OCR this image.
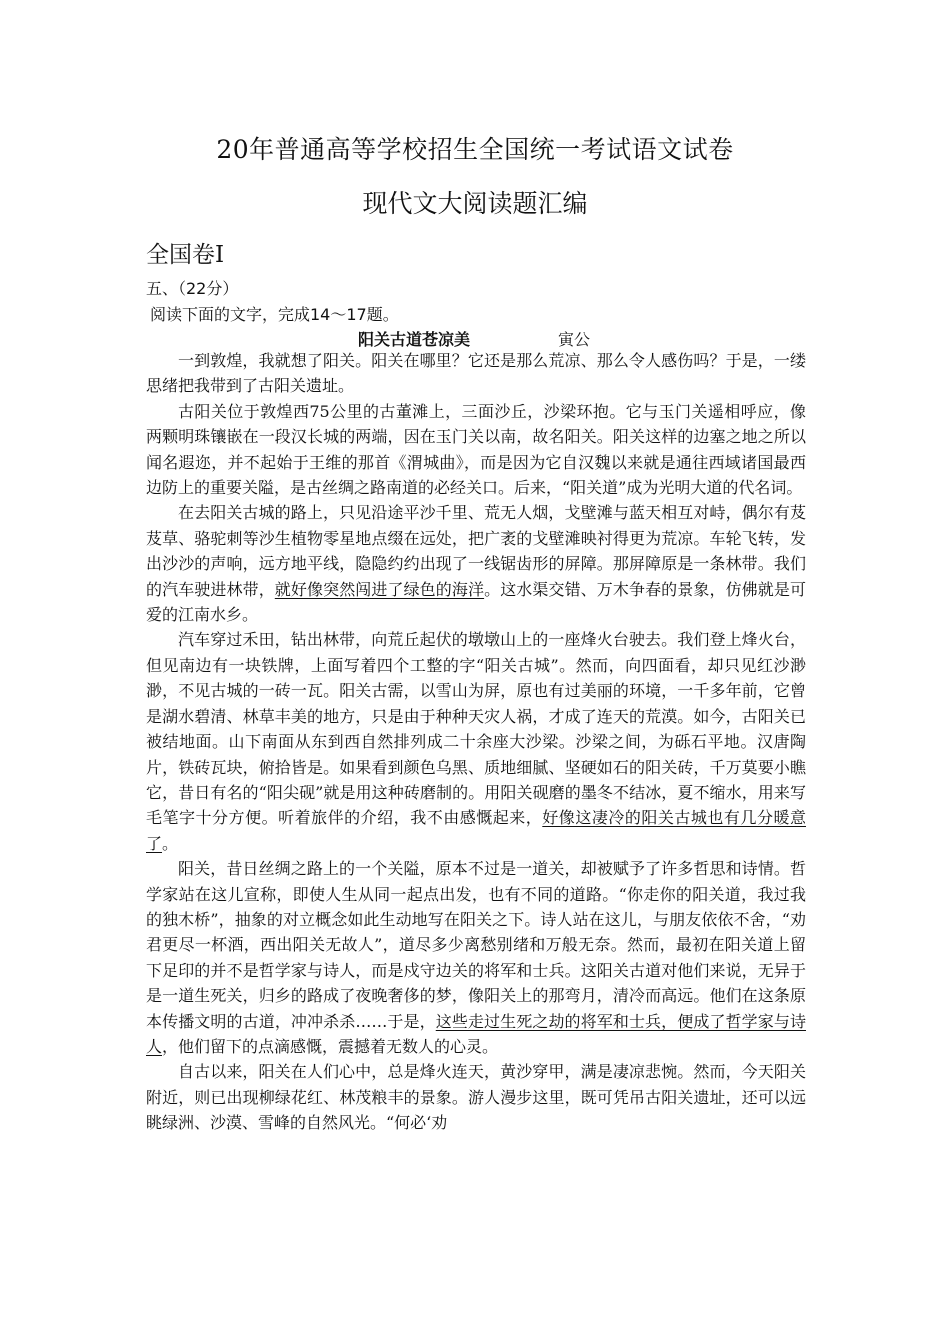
20年普通高等学校招生全国统一考试语文试卷
现代文大阅读题汇编
全国卷Ⅰ
五、（22分）
阅读下面的文字，完成14～17题。
阳关古道苍凉美	寅公

一到敦煌，我就想了阳关。阳关在哪里？它还是那么荒凉、那么令人感伤吗？于是，一缕思绪把我带到了古阳关遗址。

古阳关位于敦煌西75公里的古董滩上，三面沙丘，沙梁环抱。它与玉门关遥相呼应，像两颗明珠镶嵌在一段汉长城的两端，因在玉门关以南，故名阳关。阳关这样的边塞之地之所以闻名遐迩，并不起始于王维的那首《渭城曲》，而是因为它自汉魏以来就是通往西域诸国最西边防上的重要关隘，是古丝绸之路南道的必经关口。后来，“阳关道”成为光明大道的代名词。

在去阳关古城的路上，只见沿途平沙千里、荒无人烟，戈壁滩与蓝天相互对峙，偶尔有芨芨草、骆驼刺等沙生植物零星地点缀在远处，把广袤的戈壁滩映衬得更为荒凉。车轮飞转，发出沙沙的声响，远方地平线，隐隐约约出现了一线锯齿形的屏障。那屏障原是一条林带。我们的汽车驶进林带，就好像突然闯进了绿色的海洋。这水渠交错、万木争春的景象，仿佛就是可爱的江南水乡。

汽车穿过禾田，钻出林带，向荒丘起伏的墩墩山上的一座烽火台驶去。我们登上烽火台，但见南边有一块铁牌，上面写着四个工整的字“阳关古城”。然而，向四面看，却只见红沙渺渺，不见古城的一砖一瓦。阳关古需，以雪山为屏，原也有过美丽的环境，一千多年前，它曾是湖水碧清、林草丰美的地方，只是由于种种天灾人祸，才成了连天的荒漠。如今，古阳关已被结地面。山下南面从东到西自然排列成二十余座大沙梁。沙梁之间，为砾石平地。汉唐陶片，铁砖瓦块，俯拾皆是。如果看到颜色乌黑、质地细腻、坚硬如石的阳关砖，千万莫要小瞧它，昔日有名的“阳尖砚”就是用这种砖磨制的。用阳关砚磨的墨冬不结冰，夏不缩水，用来写毛笔字十分方便。听着旅伴的介绍，我不由感慨起来，好像这凄冷的阳关古城也有几分暖意了。

阳关，昔日丝绸之路上的一个关隘，原本不过是一道关，却被赋予了许多哲思和诗情。哲学家站在这儿宣称，即使人生从同一起点出发，也有不同的道路。“你走你的阳关道，我过我的独木桥”，抽象的对立概念如此生动地写在阳关之下。诗人站在这儿，与朋友依依不舍，“劝君更尽一杯酒，西出阳关无故人”，道尽多少离愁别绪和万般无奈。然而，最初在阳关道上留下足印的并不是哲学家与诗人，而是戍守边关的将军和士兵。这阳关古道对他们来说，无异于是一道生死关，归乡的路成了夜晚奢侈的梦，像阳关上的那弯月，清冷而高远。他们在这条原本传播文明的古道，冲冲杀杀……于是，这些走过生死之劫的将军和士兵，便成了哲学家与诗人，他们留下的点滴感慨，震撼着无数人的心灵。

自古以来，阳关在人们心中，总是烽火连天，黄沙穿甲，满是凄凉悲惋。然而，今天阳关附近，则已出现柳绿花红、林茂粮丰的景象。游人漫步这里，既可凭吊古阳关遗址，还可以远眺绿洲、沙漠、雪峰的自然风光。“何必‘劝
